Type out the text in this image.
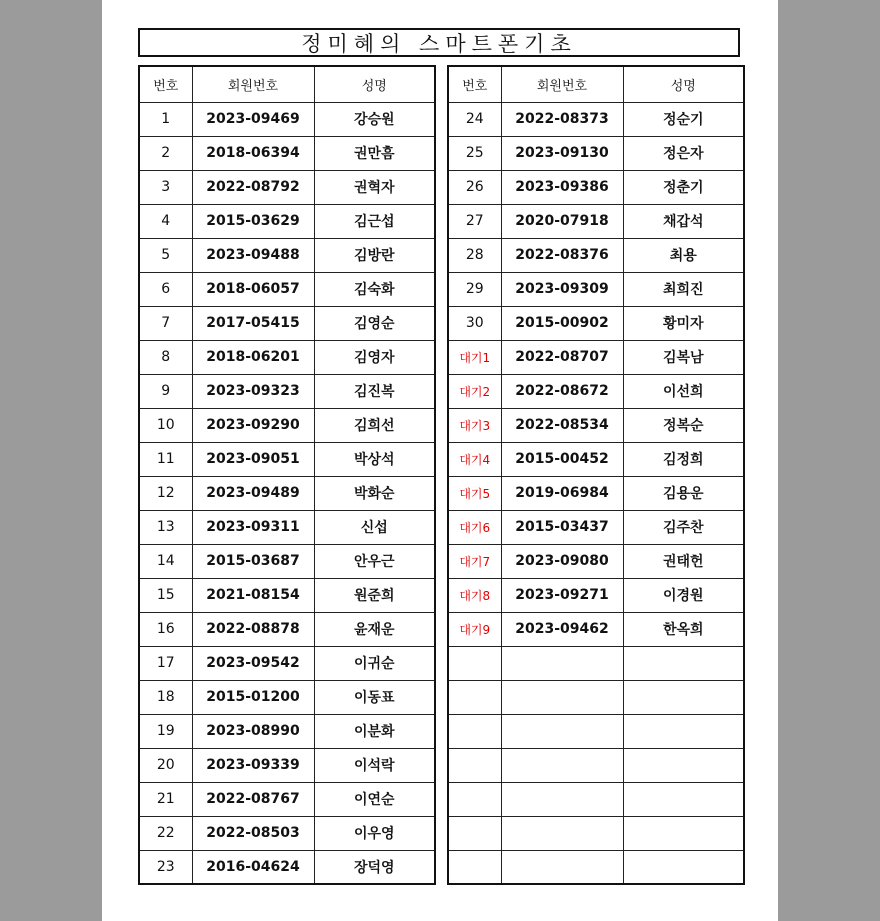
정미혜의 스마트폰기초
번호	회원번호	성명
1	2023-09469	강승원
2	2018-06394	권만흠
3	2022-08792	권혁자
4	2015-03629	김근섭
5	2023-09488	김방란
6	2018-06057	김숙화
7	2017-05415	김영순
8	2018-06201	김영자
9	2023-09323	김진복
10	2023-09290	김희선
11	2023-09051	박상석
12	2023-09489	박화순
13	2023-09311	신섭
14	2015-03687	안우근
15	2021-08154	원준희
16	2022-08878	윤재운
17	2023-09542	이귀순
18	2015-01200	이동표
19	2023-08990	이분화
20	2023-09339	이석락
21	2022-08767	이연순
22	2022-08503	이우영
23	2016-04624	장덕영
번호	회원번호	성명
24	2022-08373	정순기
25	2023-09130	정은자
26	2023-09386	정춘기
27	2020-07918	채갑석
28	2022-08376	최용
29	2023-09309	최희진
30	2015-00902	황미자
대기1	2022-08707	김복남
대기2	2022-08672	이선희
대기3	2022-08534	정복순
대기4	2015-00452	김정희
대기5	2019-06984	김용운
대기6	2015-03437	김주찬
대기7	2023-09080	권태헌
대기8	2023-09271	이경원
대기9	2023-09462	한옥희
